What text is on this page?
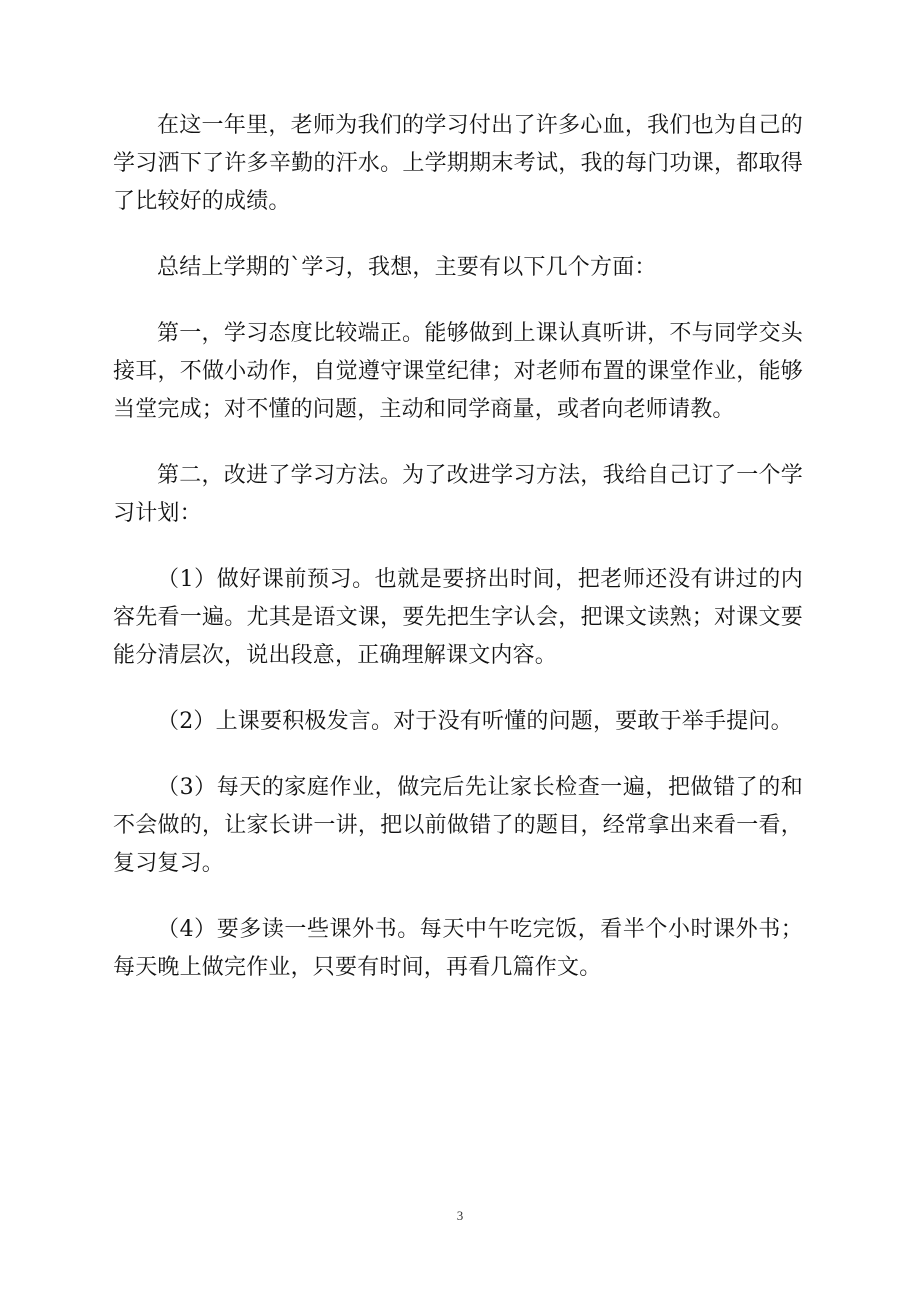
在这一年里，老师为我们的学习付出了许多心血，我们也为自己的学习洒下了许多辛勤的汗水。上学期期末考试，我的每门功课，都取得了比较好的成绩。

总结上学期的`学习，我想，主要有以下几个方面：

第一，学习态度比较端正。能够做到上课认真听讲，不与同学交头接耳，不做小动作，自觉遵守课堂纪律；对老师布置的课堂作业，能够当堂完成；对不懂的问题，主动和同学商量，或者向老师请教。

第二，改进了学习方法。为了改进学习方法，我给自己订了一个学习计划：

（1）做好课前预习。也就是要挤出时间，把老师还没有讲过的内容先看一遍。尤其是语文课，要先把生字认会，把课文读熟；对课文要能分清层次，说出段意，正确理解课文内容。

（2）上课要积极发言。对于没有听懂的问题，要敢于举手提问。

（3）每天的家庭作业，做完后先让家长检查一遍，把做错了的和不会做的，让家长讲一讲，把以前做错了的题目，经常拿出来看一看，复习复习。

（4）要多读一些课外书。每天中午吃完饭，看半个小时课外书；每天晚上做完作业，只要有时间，再看几篇作文。

3
